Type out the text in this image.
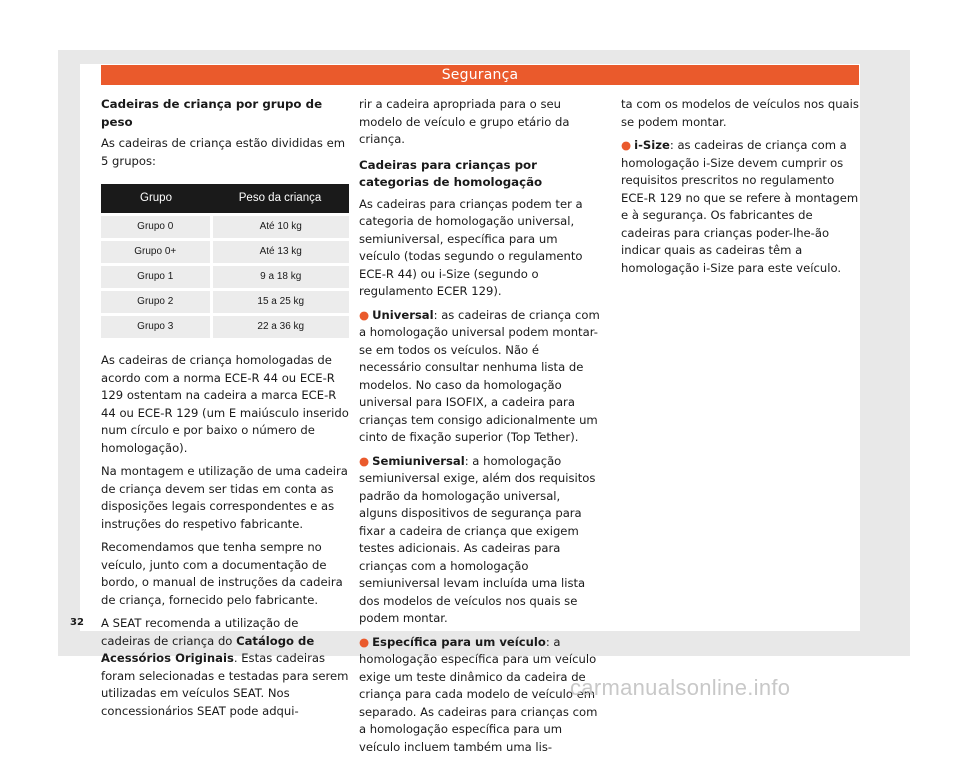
Segurança
Cadeiras de criança por grupo de peso

As cadeiras de criança estão divididas em 5 grupos:

Grupo	Peso da criança
Grupo 0	Até 10 kg
Grupo 0+	Até 13 kg
Grupo 1	9 a 18 kg
Grupo 2	15 a 25 kg
Grupo 3	22 a 36 kg

As cadeiras de criança homologadas de acordo com a norma ECE-R 44 ou ECE-R 129 ostentam na cadeira a marca ECE-R 44 ou ECE-R 129 (um E maiúsculo inserido num círculo e por baixo o número de homologação).

Na montagem e utilização de uma cadeira de criança devem ser tidas em conta as disposições legais correspondentes e as instruções do respetivo fabricante.

Recomendamos que tenha sempre no veículo, junto com a documentação de bordo, o manual de instruções da cadeira de criança, fornecido pelo fabricante.

A SEAT recomenda a utilização de cadeiras de criança do Catálogo de Acessórios Originais. Estas cadeiras foram selecionadas e testadas para serem utilizadas em veículos SEAT. Nos concessionários SEAT pode adqui-

rir a cadeira apropriada para o seu modelo de veículo e grupo etário da criança.

Cadeiras para crianças por categorias de homologação

As cadeiras para crianças podem ter a categoria de homologação universal, semiuniversal, específica para um veículo (todas segundo o regulamento ECE-R 44) ou i-Size (segundo o regulamento ECER 129).

● Universal: as cadeiras de criança com a homologação universal podem montar-se em todos os veículos. Não é necessário consultar nenhuma lista de modelos. No caso da homologação universal para ISOFIX, a cadeira para crianças tem consigo adicionalmente um cinto de fixação superior (Top Tether).

● Semiuniversal: a homologação semiuniversal exige, além dos requisitos padrão da homologação universal, alguns dispositivos de segurança para fixar a cadeira de criança que exigem testes adicionais. As cadeiras para crianças com a homologação semiuniversal levam incluída uma lista dos modelos de veículos nos quais se podem montar.

● Específica para um veículo: a homologação específica para um veículo exige um teste dinâmico da cadeira de criança para cada modelo de veículo em separado. As cadeiras para crianças com a homologação específica para um veículo incluem também uma lis-

ta com os modelos de veículos nos quais se podem montar.

● i-Size: as cadeiras de criança com a homologação i-Size devem cumprir os requisitos prescritos no regulamento ECE-R 129 no que se refere à montagem e à segurança. Os fabricantes de cadeiras para crianças poder-lhe-ão indicar quais as cadeiras têm a homologação i-Size para este veículo.

32
carmanualsonline.info
